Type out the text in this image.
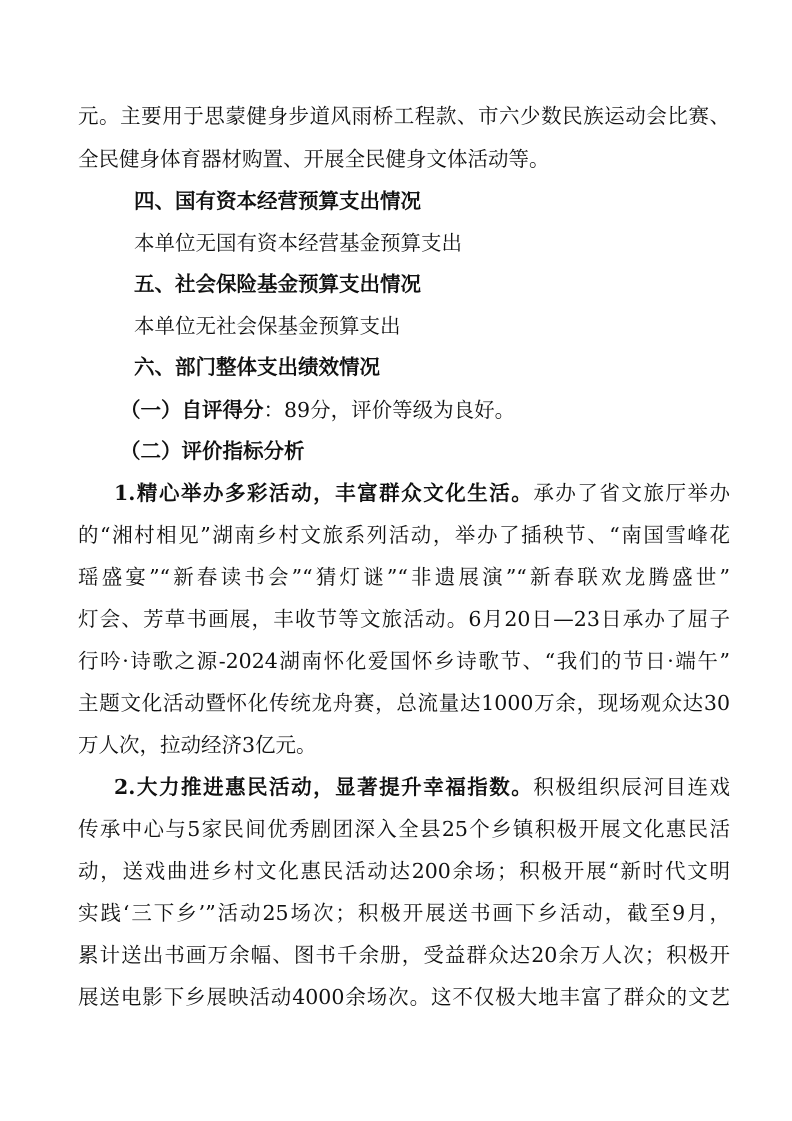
元。主要用于思蒙健身步道风雨桥工程款、市六少数民族运动会比赛、
全民健身体育器材购置、开展全民健身文体活动等。
四、国有资本经营预算支出情况
本单位无国有资本经营基金预算支出
五、社会保险基金预算支出情况
本单位无社会保基金预算支出
六、部门整体支出绩效情况
（一）自评得分：89分，评价等级为良好。
（二）评价指标分析
1.精心举办多彩活动，丰富群众文化生活。承办了省文旅厅举办
的“湘村相见”湖南乡村文旅系列活动，举办了插秧节、“南国雪峰花
瑶盛宴”“新春读书会”“猜灯谜”“非遗展演”“新春联欢龙腾盛世”
灯会、芳草书画展，丰收节等文旅活动。6月20日—23日承办了屈子
行吟·诗歌之源-2024湖南怀化爱国怀乡诗歌节、“我们的节日·端午”
主题文化活动暨怀化传统龙舟赛，总流量达1000万余，现场观众达30
万人次，拉动经济3亿元。
2.大力推进惠民活动，显著提升幸福指数。积极组织辰河目连戏
传承中心与5家民间优秀剧团深入全县25个乡镇积极开展文化惠民活
动，送戏曲进乡村文化惠民活动达200余场；积极开展“新时代文明
实践‘三下乡’”活动25场次；积极开展送书画下乡活动，截至9月，
累计送出书画万余幅、图书千余册，受益群众达20余万人次；积极开
展送电影下乡展映活动4000余场次。这不仅极大地丰富了群众的文艺
